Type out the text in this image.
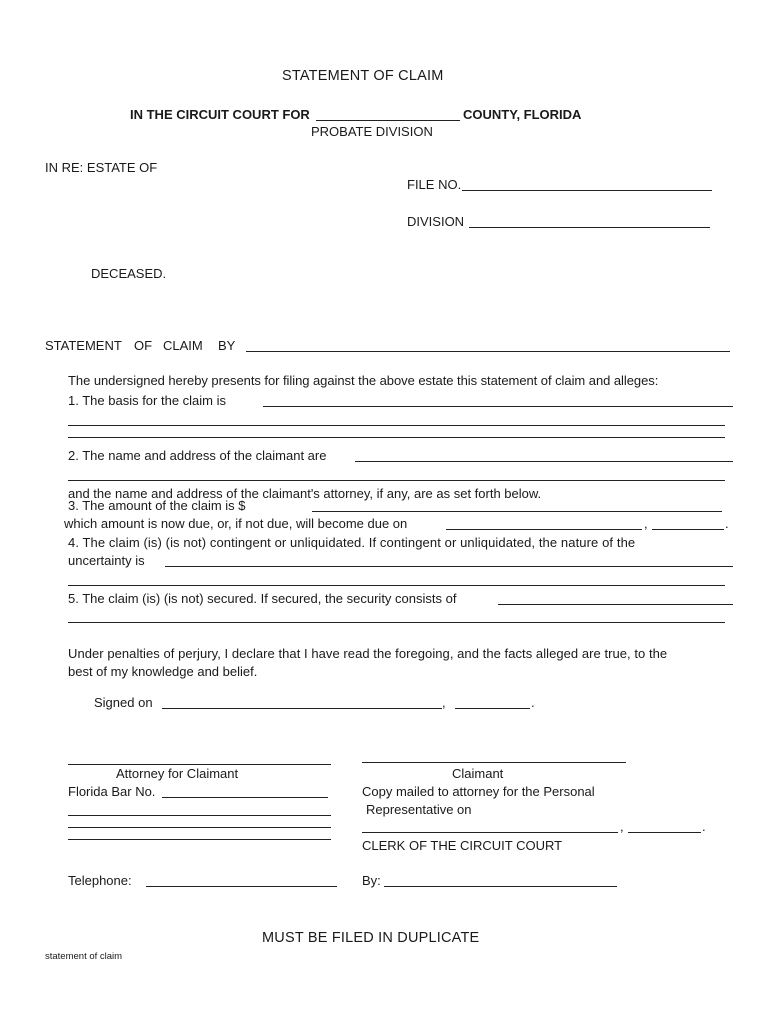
STATEMENT OF CLAIM
IN THE CIRCUIT COURT FOR	COUNTY, FLORIDA
PROBATE DIVISION
IN RE: ESTATE OF
FILE NO.
DIVISION
DECEASED.
STATEMENT OF CLAIM BY
The undersigned hereby presents for filing against the above estate this statement of claim and alleges:
1. The basis for the claim is
2. The name and address of the claimant are
and the name and address of the claimant's attorney, if any, are as set forth below.
3. The amount of the claim is $
which amount is now due, or, if not due, will become due on	,	.
4. The claim (is) (is not) contingent or unliquidated. If contingent or unliquidated, the nature of the
uncertainty is
5. The claim (is) (is not) secured. If secured, the security consists of
Under penalties of perjury, I declare that I have read the foregoing, and the facts alleged are true, to the
best of my knowledge and belief.
Signed on	,	.
Attorney for Claimant
Florida Bar No.
Telephone:
Claimant
Copy mailed to attorney for the Personal
Representative on
,	.
CLERK OF THE CIRCUIT COURT
By:
MUST BE FILED IN DUPLICATE
statement of claim
